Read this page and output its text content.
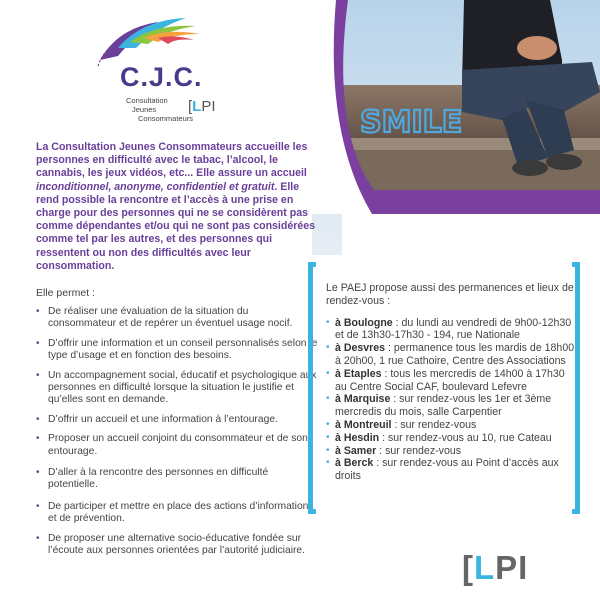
C.J.C.
Consultation
Jeunes
Consommateurs
[LPI	SMILE
La Consultation Jeunes Consommateurs accueille les personnes en difficulté avec le tabac, l’alcool, le cannabis, les jeux vidéos, etc... Elle assure un accueil inconditionnel, anonyme, confidentiel et gratuit. Elle rend possible la rencontre et l’accès à une prise en charge pour des personnes qui ne se considèrent pas comme dépendantes et/ou qui ne sont pas considérées comme tel par les autres, et des personnes qui ressentent ou non des difficultés avec leur consommation.
Elle permet :
• De réaliser une évaluation de la situation du consommateur et de repérer un éventuel usage nocif.
• D’offrir une information et un conseil personnalisés selon le type d’usage et en fonction des besoins.
• Un accompagnement social, éducatif et psychologique aux personnes en difficulté lorsque la situation le justifie et qu’elles sont en demande.
• D’offrir un accueil et une information à l’entourage.
• Proposer un accueil conjoint du consommateur et de son entourage.
• D’aller à la rencontre des personnes en difficulté potentielle.
• De participer et mettre en place des actions d’information et de prévention.
• De proposer une alternative socio-éducative fondée sur l’écoute aux personnes orientées par l’autorité judiciaire.
Le PAEJ propose aussi des permanences et lieux de rendez-vous :
• à Boulogne : du lundi au vendredi de 9h00-12h30 et de 13h30-17h30 - 194, rue Nationale
• à Desvres : permanence tous les mardis de 18h00 à 20h00, 1 rue Cathoire, Centre des Associations
• à Etaples : tous les mercredis de 14h00 à 17h30 au Centre Social CAF, boulevard Lefevre
• à Marquise : sur rendez-vous les 1er et 3ème mercredis du mois, salle Carpentier
• à Montreuil : sur rendez-vous
• à Hesdin : sur rendez-vous au 10, rue Cateau
• à Samer : sur rendez-vous
• à Berck : sur rendez-vous au Point d’accès aux droits
[LPI
